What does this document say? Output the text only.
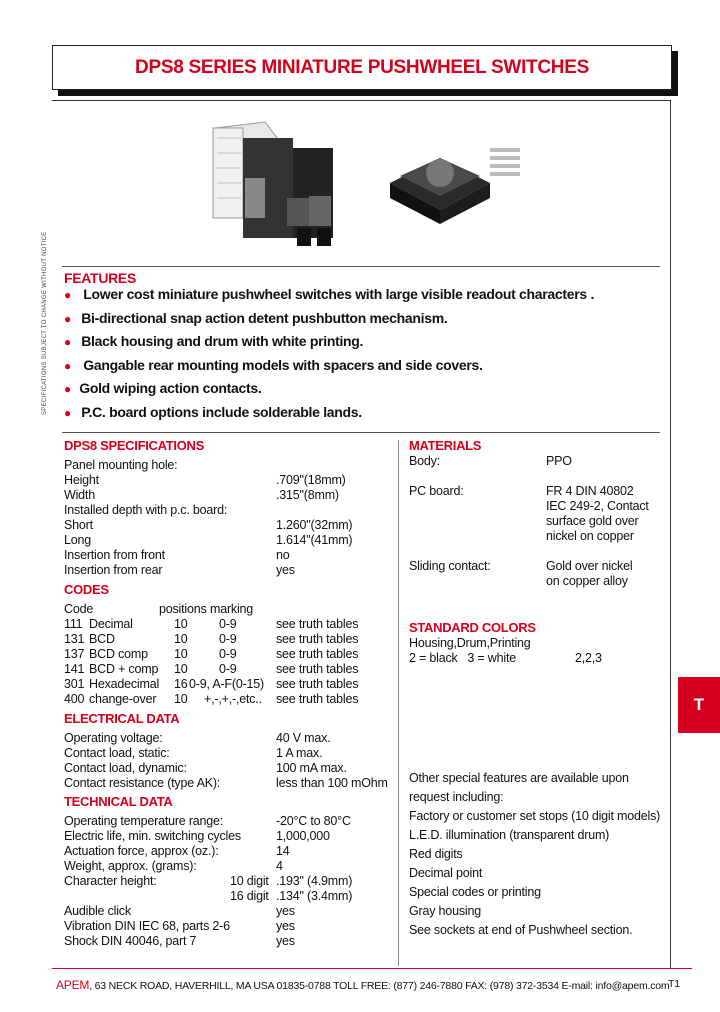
DPS8 SERIES MINIATURE PUSHWHEEL SWITCHES
SPECIFICATIONS SUBJECT TO CHANGE WITHOUT NOTICE FEATURES
● Lower cost miniature pushwheel switches with large visible readout characters .
● Bi-directional snap action detent pushbutton mechanism.
● Black housing and drum with white printing.
● Gangable rear mounting models with spacers and side covers.
● Gold wiping action contacts.
● P.C. board options include solderable lands.
DPS8 SPECIFICATIONS
Panel mounting hole:
Height	.709"(18mm)
Width	.315"(8mm)
Installed depth with p.c. board:
Short	1.260"(32mm)
Long	1.614"(41mm)
Insertion from front	no
Insertion from rear	yes
CODES
Code	positions marking
111 Decimal	10	0-9	see truth tables
131 BCD	10	0-9	see truth tables
137 BCD comp 10	0-9	see truth tables
141 BCD + comp 10	0-9	see truth tables
301 Hexadecimal 16 0-9, A-F(0-15) see truth tables
400 change-over 10 +,-,+,-,etc.. see truth tables
ELECTRICAL DATA
Operating voltage:	40 V max.
Contact load, static:	1 A max.
Contact load, dynamic:	100 mA max.
Contact resistance (type AK):	less than 100 mOhm
TECHNICAL DATA
Operating temperature range:	-20°C to 80°C
Electric life, min. switching cycles	1,000,000
Actuation force, approx (oz.):	14
Weight, approx. (grams):	4
Character height:	10 digit .193" (4.9mm)
16 digit .134" (3.4mm)
Audible click	yes
Vibration DIN IEC 68, parts 2-6	yes
Shock DIN 40046, part 7	yes
MATERIALS
Body:	PPO
PC board:	FR 4 DIN 40802
IEC 249-2, Contact
surface gold over
nickel on copper
Sliding contact:	Gold over nickel
on copper alloy
STANDARD COLORS
Housing,Drum,Printing
2 = black   3 = white	2,2,3
Other special features are available upon
request including:
Factory or customer set stops (10 digit models)
L.E.D. illumination (transparent drum)
Red digits
Decimal point
Special codes or printing
Gray housing
See sockets at end of Pushwheel section.
T
APEM, 63 NECK ROAD, HAVERHILL, MA USA 01835-0788 TOLL FREE: (877) 246-7880 FAX: (978) 372-3534 E-mail: info@apem.com
T1
